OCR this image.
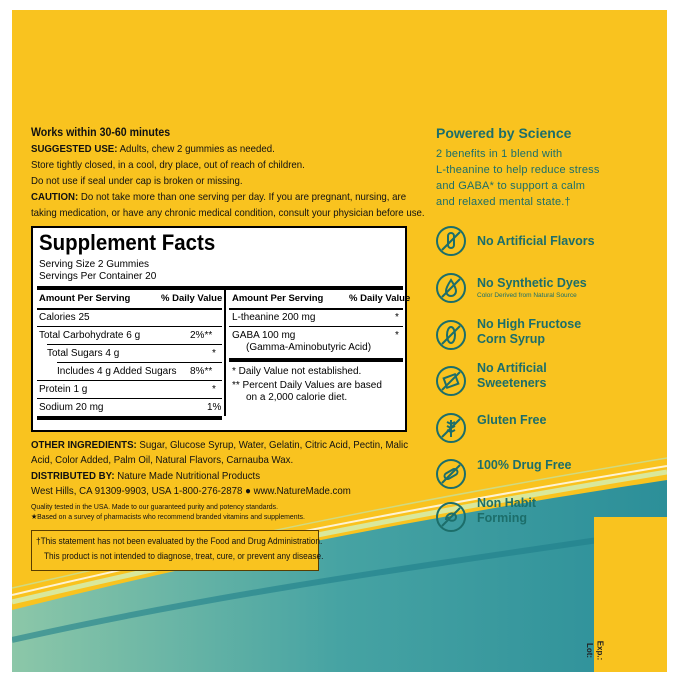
Works within 30-60 minutes
SUGGESTED USE: Adults, chew 2 gummies as needed.
Store tightly closed, in a cool, dry place, out of reach of children.
Do not use if seal under cap is broken or missing.
CAUTION: Do not take more than one serving per day. If you are pregnant, nursing, are
taking medication, or have any chronic medical condition, consult your physician before use.
Supplement Facts
Serving Size 2 Gummies
Servings Per Container 20
Amount Per Serving	% Daily Value Amount Per Serving	% Daily Value
Calories 25
Total Carbohydrate 6 g	2%**
Total Sugars 4 g	*
Includes 4 g Added Sugars 8%**
Protein 1 g	*
Sodium 20 mg	1%
L-theanine 200 mg	*
GABA 100 mg	*
(Gamma-Aminobutyric Acid)
* Daily Value not established.
** Percent Daily Values are based
on a 2,000 calorie diet.
OTHER INGREDIENTS: Sugar, Glucose Syrup, Water, Gelatin, Citric Acid, Pectin, Malic
Acid, Color Added, Palm Oil, Natural Flavors, Carnauba Wax.
DISTRIBUTED BY: Nature Made Nutritional Products
West Hills, CA 91309-9903, USA 1-800-276-2878 ● www.NatureMade.com
Quality tested in the USA. Made to our guaranteed purity and potency standards.
★Based on a survey of pharmacists who recommend branded vitamins and supplements.
†This statement has not been evaluated by the Food and Drug Administration.
This product is not intended to diagnose, treat, cure, or prevent any disease.
Powered by Science
2 benefits in 1 blend with
L-theanine to help reduce stress
and GABA* to support a calm
and relaxed mental state.†
No Artificial Flavors
No Synthetic Dyes
Color Derived from Natural Source
No High Fructose
Corn Syrup
No Artificial
Sweeteners
Gluten Free
100% Drug Free
Non Habit
Forming
Lot: Exp.:
